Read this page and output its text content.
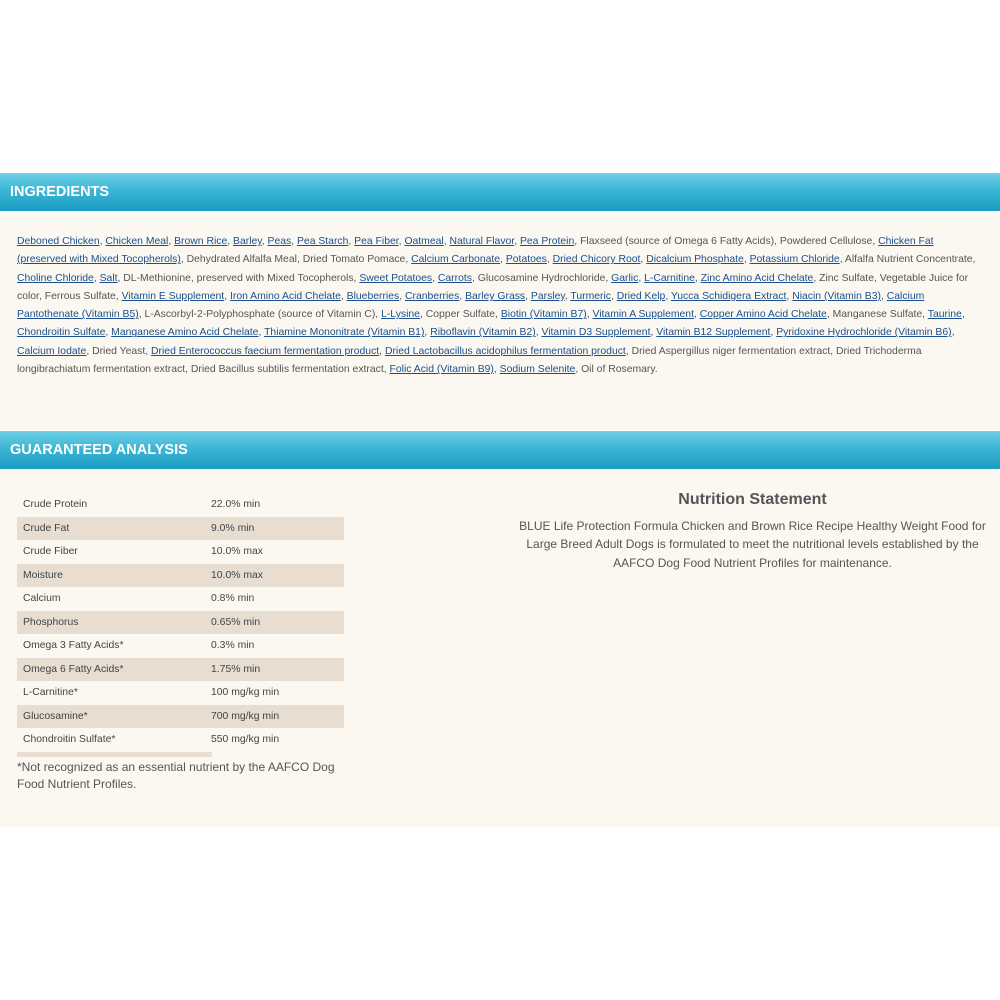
INGREDIENTS
Deboned Chicken, Chicken Meal, Brown Rice, Barley, Peas, Pea Starch, Pea Fiber, Oatmeal, Natural Flavor, Pea Protein, Flaxseed (source of Omega 6 Fatty Acids), Powdered Cellulose, Chicken Fat (preserved with Mixed Tocopherols), Dehydrated Alfalfa Meal, Dried Tomato Pomace, Calcium Carbonate, Potatoes, Dried Chicory Root, Dicalcium Phosphate, Potassium Chloride, Alfalfa Nutrient Concentrate, Choline Chloride, Salt, DL-Methionine, preserved with Mixed Tocopherols, Sweet Potatoes, Carrots, Glucosamine Hydrochloride, Garlic, L-Carnitine, Zinc Amino Acid Chelate, Zinc Sulfate, Vegetable Juice for color, Ferrous Sulfate, Vitamin E Supplement, Iron Amino Acid Chelate, Blueberries, Cranberries, Barley Grass, Parsley, Turmeric, Dried Kelp, Yucca Schidigera Extract, Niacin (Vitamin B3), Calcium Pantothenate (Vitamin B5), L-Ascorbyl-2-Polyphosphate (source of Vitamin C), L-Lysine, Copper Sulfate, Biotin (Vitamin B7), Vitamin A Supplement, Copper Amino Acid Chelate, Manganese Sulfate, Taurine, Chondroitin Sulfate, Manganese Amino Acid Chelate, Thiamine Mononitrate (Vitamin B1), Riboflavin (Vitamin B2), Vitamin D3 Supplement, Vitamin B12 Supplement, Pyridoxine Hydrochloride (Vitamin B6), Calcium Iodate, Dried Yeast, Dried Enterococcus faecium fermentation product, Dried Lactobacillus acidophilus fermentation product, Dried Aspergillus niger fermentation extract, Dried Trichoderma longibrachiatum fermentation extract, Dried Bacillus subtilis fermentation extract, Folic Acid (Vitamin B9), Sodium Selenite, Oil of Rosemary.
GUARANTEED ANALYSIS
Crude Protein	22.0% min
Crude Fat	9.0% min
Crude Fiber	10.0% max
Moisture	10.0% max
Calcium	0.8% min
Phosphorus	0.65% min
Omega 3 Fatty Acids*	0.3% min
Omega 6 Fatty Acids*	1.75% min
L-Carnitine*	100 mg/kg min
Glucosamine*	700 mg/kg min
Chondroitin Sulfate*	550 mg/kg min
*Not recognized as an essential nutrient by the AAFCO Dog Food Nutrient Profiles.
Nutrition Statement
BLUE Life Protection Formula Chicken and Brown Rice Recipe Healthy Weight Food for Large Breed Adult Dogs is formulated to meet the nutritional levels established by the AAFCO Dog Food Nutrient Profiles for maintenance.
